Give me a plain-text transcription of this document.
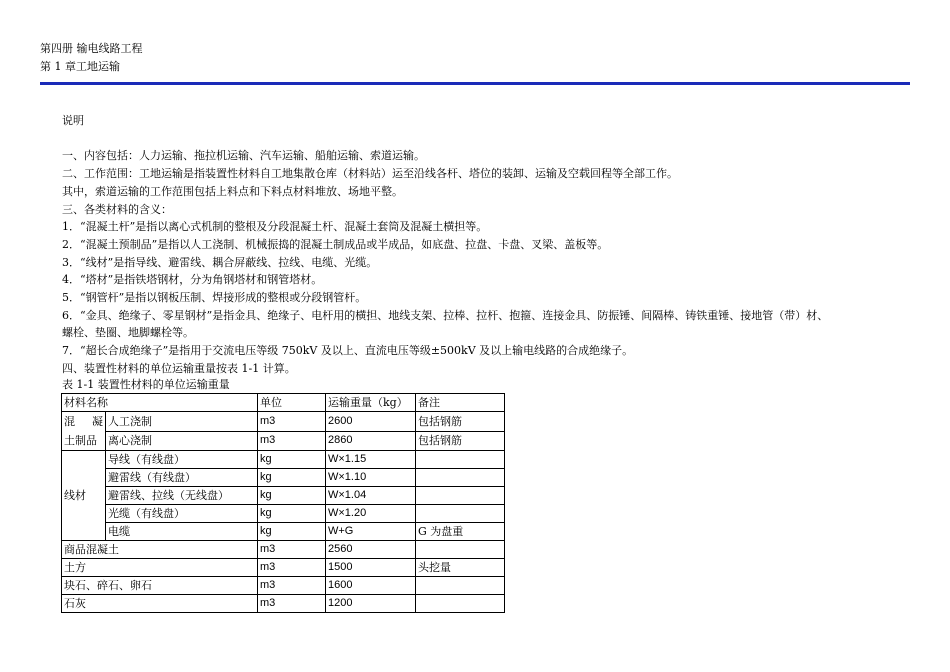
第四册 输电线路工程
第 1 章工地运输
说明
一、内容包括：人力运输、拖拉机运输、汽车运输、船舶运输、索道运输。
二、工作范围：工地运输是指装置性材料自工地集散仓库（材料站）运至沿线各杆、塔位的装卸、运输及空载回程等全部工作。
其中，索道运输的工作范围包括上料点和下料点材料堆放、场地平整。
三、各类材料的含义：
1．“混凝土杆”是指以离心式机制的整根及分段混凝土杆、混凝土套筒及混凝土横担等。
2．“混凝土预制品”是指以人工浇制、机械振捣的混凝土制成品或半成品，如底盘、拉盘、卡盘、叉梁、盖板等。
3．“线材”是指导线、避雷线、耦合屏蔽线、拉线、电缆、光缆。
4．“塔材”是指铁塔钢材，分为角钢塔材和钢管塔材。
5．“钢管杆”是指以钢板压制、焊接形成的整根或分段钢管杆。
6．“金具、绝缘子、零星钢材”是指金具、绝缘子、电杆用的横担、地线支架、拉棒、拉杆、抱箍、连接金具、防振锤、间隔棒、铸铁重锤、接地管（带）材、
螺栓、垫圈、地脚螺栓等。
7．“超长合成绝缘子”是指用于交流电压等级 750kV 及以上、直流电压等级±500kV 及以上输电线路的合成绝缘子。
四、装置性材料的单位运输重量按表 1-1 计算。
表 1-1 装置性材料的单位运输重量
材料名称		单位	运输重量（kg）	备注
混 凝 土制品	人工浇制	m3	2600	包括钢筋
	离心浇制	m3	2860	包括钢筋
线材	导线（有线盘）	kg	W×1.15	
	避雷线（有线盘）	kg	W×1.10	
	避雷线、拉线（无线盘）	kg	W×1.04	
	光缆（有线盘）	kg	W×1.20	
	电缆	kg	W+G	G 为盘重
商品混凝土		m3	2560	
土方		m3	1500	头挖量
块石、碎石、卵石		m3	1600	
石灰		m3	1200	
